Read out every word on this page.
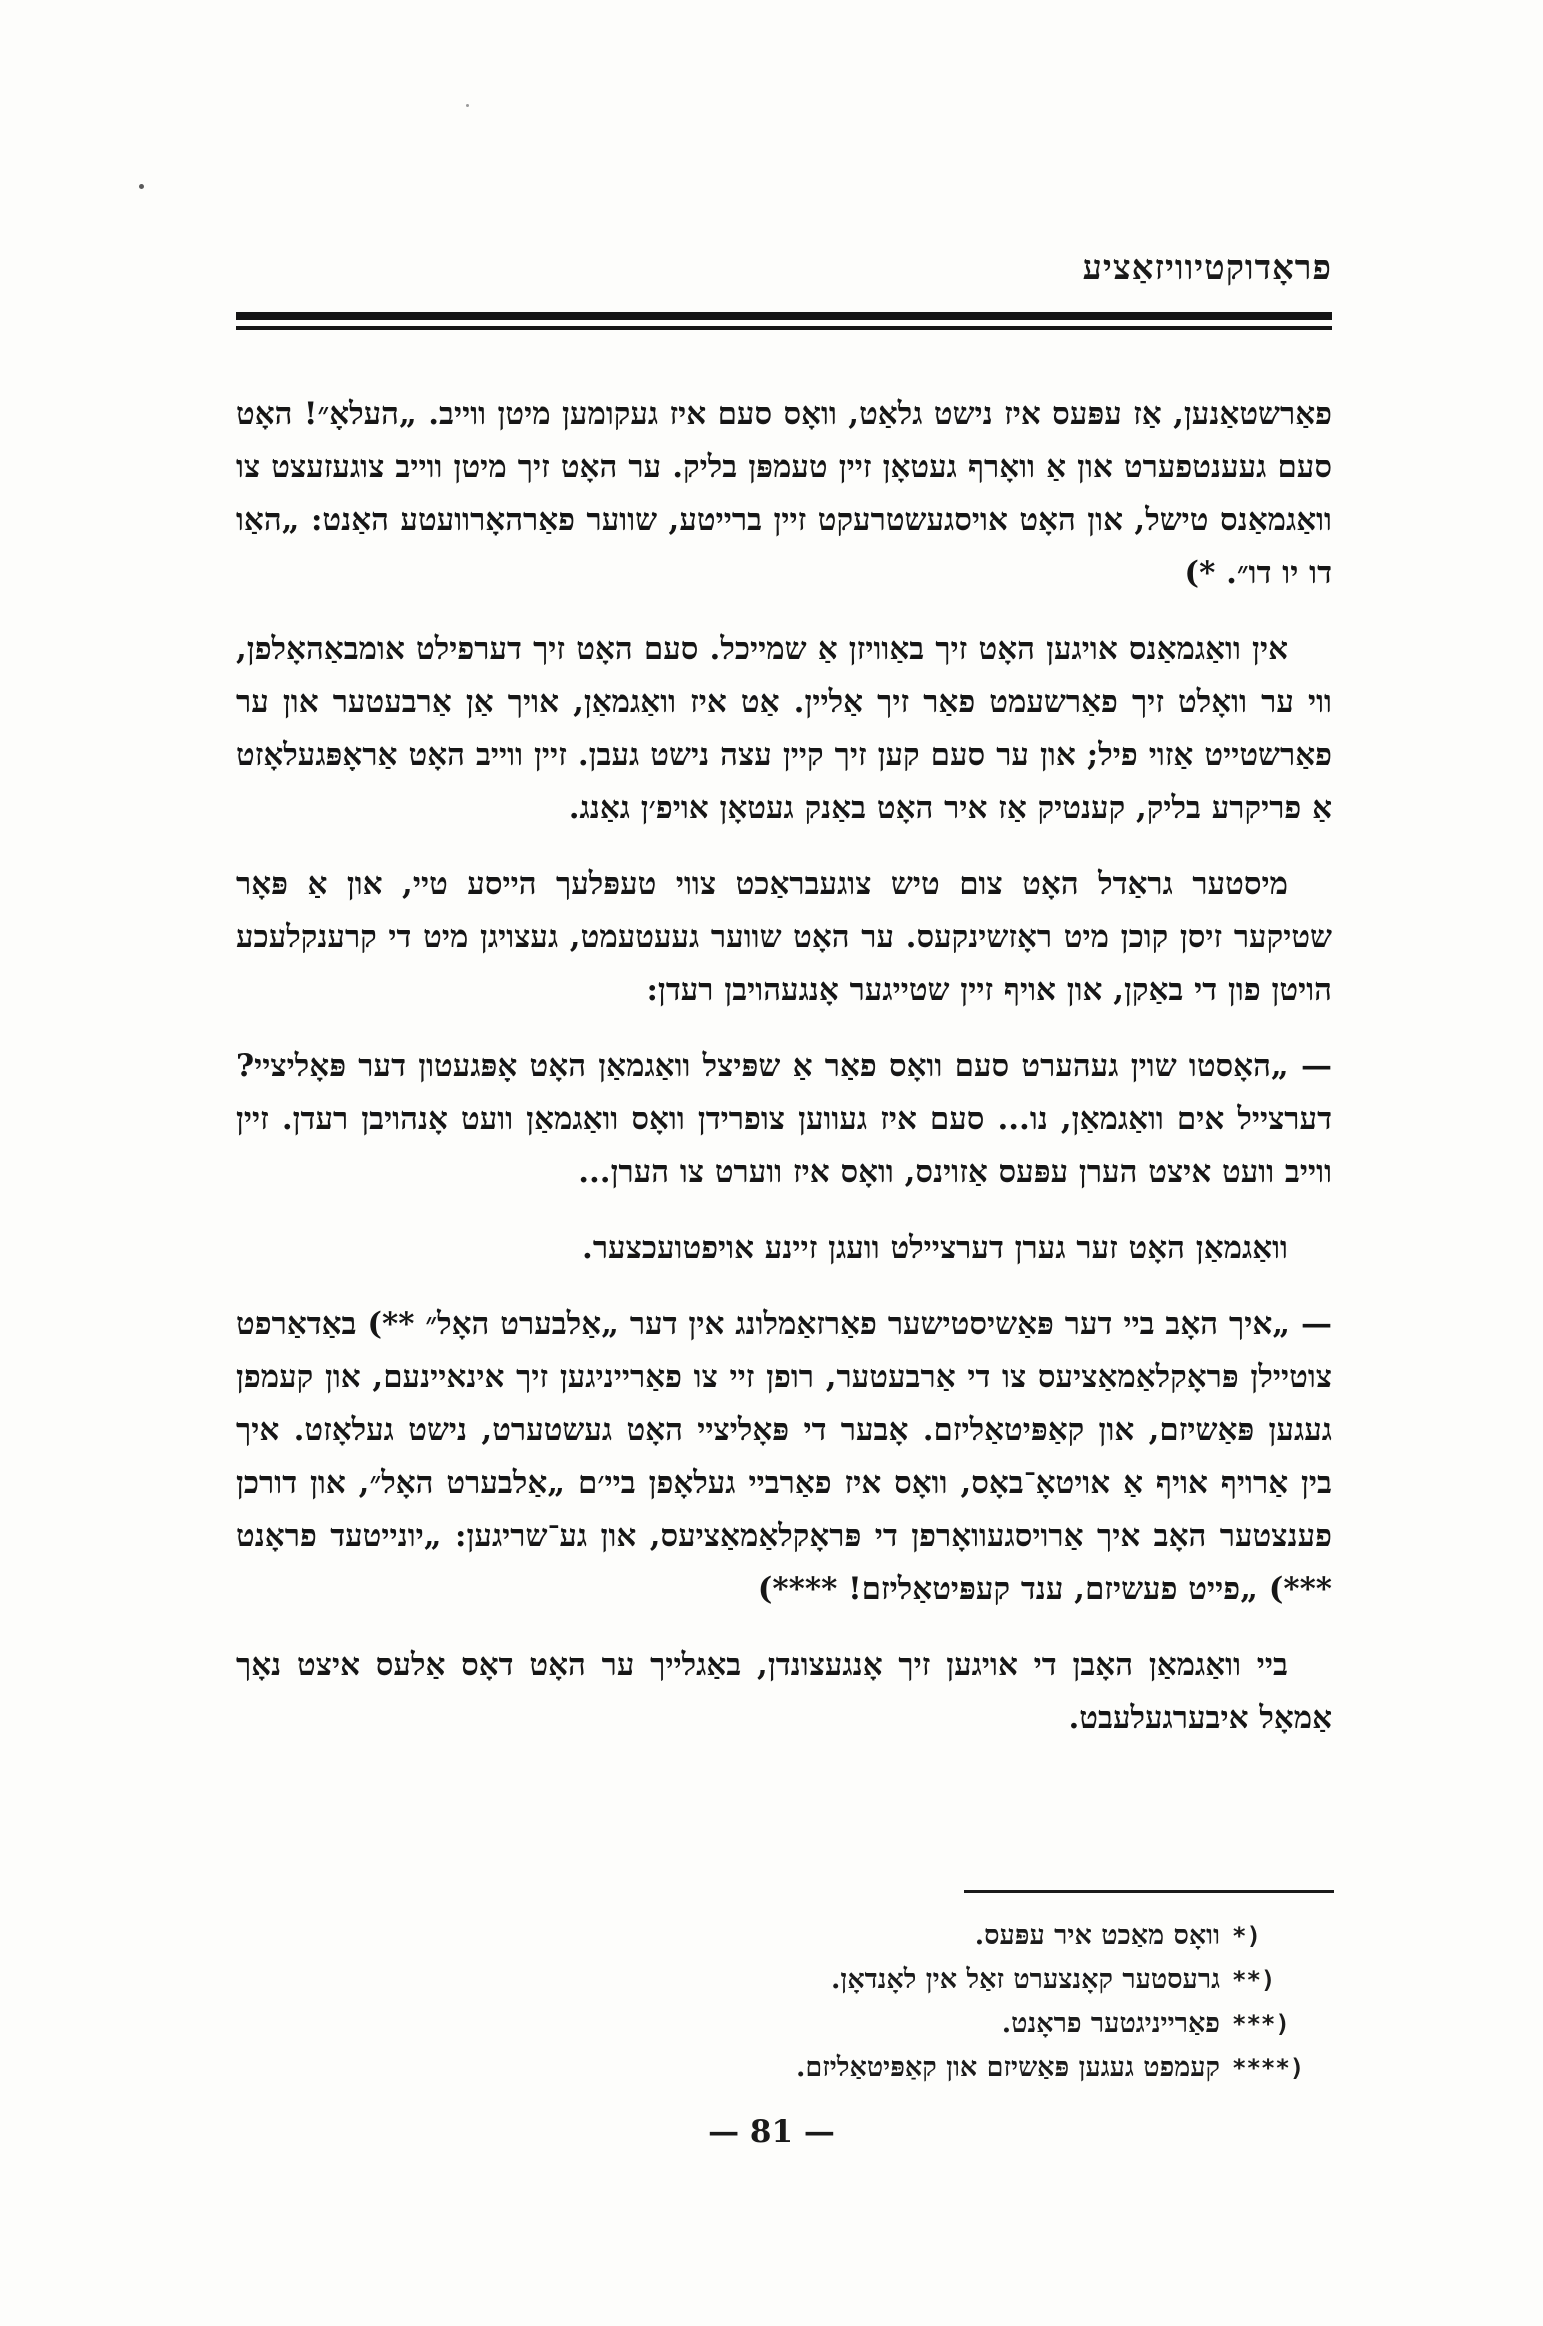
פראָדוקטיוויזאַציע

פאַרשטאַנען, אַז עפּעס איז נישט גלאַט, וואָס סעם איז געקומען מיטן ווייב. „העלאָ״! האָט סעם געענטפערט און אַ וואָרף געטאָן זיין טעמפּן בליק. ער האָט זיך מיטן ווייב צוגעזעצט צו וואַגמאַנס טישל, און האָט אויסגעשטרעקט זיין ברייטע, שווער פאַרהאָרוועטע האַנט: „האַו דו יו דו״. *)

אין וואַגמאַנס אויגען האָט זיך באַוויזן אַ שמייכל. סעם האָט זיך דערפילט אומבאַהאָלפן, ווי ער וואָלט זיך פאַרשעמט פאַר זיך אַליין. אַט איז וואַגמאַן, אויך אַן אַרבעטער און ער פאַרשטייט אַזוי פיל; און ער סעם קען זיך קיין עצה נישט געבן. זיין ווייב האָט אַראָפּגעלאָזט אַ פריקרע בליק, קענטיק אַז איר האָט באַנק געטאָן אויפ׳ן גאַנג.

מיסטער גראַדל האָט צום טיש צוגעבראַכט צווי טעפּלעך הייסע טיי, און אַ פּאָר שטיקער זיסן קוכן מיט ראָזשינקעס. ער האָט שווער געעטעמט, געצויגן מיט די קרענקלעכע הויטן פון די באַקן, און אויף זיין שטייגער אָנגעהויבן רעדן:

— „האָסטו שוין געהערט סעם וואָס פאַר אַ שפּיצל וואַגמאַן האָט אָפּגעטון דער פּאָליציי? דערצייל אים וואַגמאַן, נו... סעם איז געווען צופרידן וואָס וואַגמאַן וועט אָנהויבן רעדן. זיין ווייב וועט איצט הערן עפּעס אַזוינס, וואָס איז ווערט צו הערן...

וואַגמאַן האָט זער גערן דערציילט וועגן זיינע אויפטועכצער.

— „איך האָב ביי דער פּאַשיסטישער פאַרזאַמלונג אין דער „אַלבערט האָל״ **) באַדאַרפט צוטיילן פּראָקלאַמאַציעס צו די אַרבעטער, רופן זיי צו פאַרייניגען זיך אינאיינעם, און קעמפן געגען פּאַשיזם, און קאַפּיטאַליזם. אָבער די פּאָליציי האָט געשטערט, נישט געלאָזט. איך בין אַרויף אויף אַ אויטאָ־באָס, וואָס איז פאַרביי געלאָפן ביי׳ם „אַלבערט האָל״, און דורכן פענצטער האָב איך אַרויסגעוואָרפן די פּראָקלאַמאַציעס, און גע־שריגען: „יונייטעד פראָנט ***) „פייט פעשיזם, ענד קעפּיטאַליזם! ****)

ביי וואַגמאַן האָבן די אויגען זיך אָנגעצונדן, באַגלייך ער האָט דאָס אַלעס איצט נאָך אַמאָל איבערגעלעבט.

*)
וואָס מאַכט איר עפּעס.
**)
גרעסטער קאָנצערט זאַל אין לאָנדאָן.
***)
פאַרייניגטער פראָנט.
****)
קעמפט געגען פּאַשיזם און קאַפּיטאַליזם.
— 81 —
